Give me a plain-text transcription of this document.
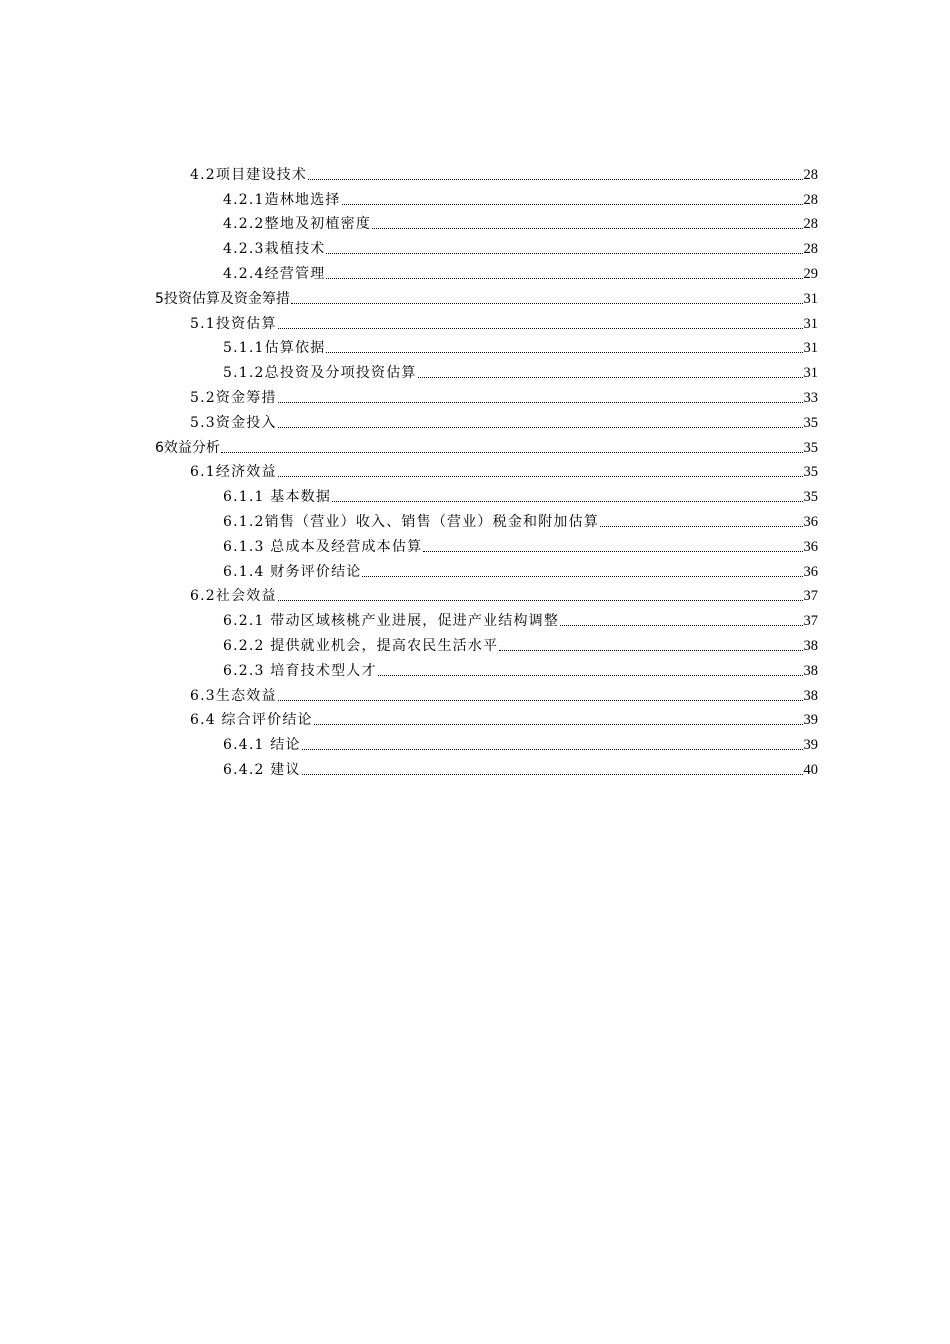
4.2项目建设技术	28
4.2.1造林地选择	28
4.2.2整地及初植密度	28
4.2.3栽植技术	28
4.2.4经营管理	29
5投资估算及资金筹措	31
5.1投资估算	31
5.1.1估算依据	31
5.1.2总投资及分项投资估算	31
5.2资金筹措	33
5.3资金投入	35
6效益分析	35
6.1经济效益	35
6.1.1 基本数据	35
6.1.2销售（营业）收入、销售（营业）税金和附加估算	36
6.1.3 总成本及经营成本估算	36
6.1.4 财务评价结论	36
6.2社会效益	37
6.2.1 带动区域核桃产业进展，促进产业结构调整	37
6.2.2 提供就业机会，提高农民生活水平	38
6.2.3 培育技术型人才	38
6.3生态效益	38
6.4 综合评价结论	39
6.4.1 结论	39
6.4.2 建议	40
